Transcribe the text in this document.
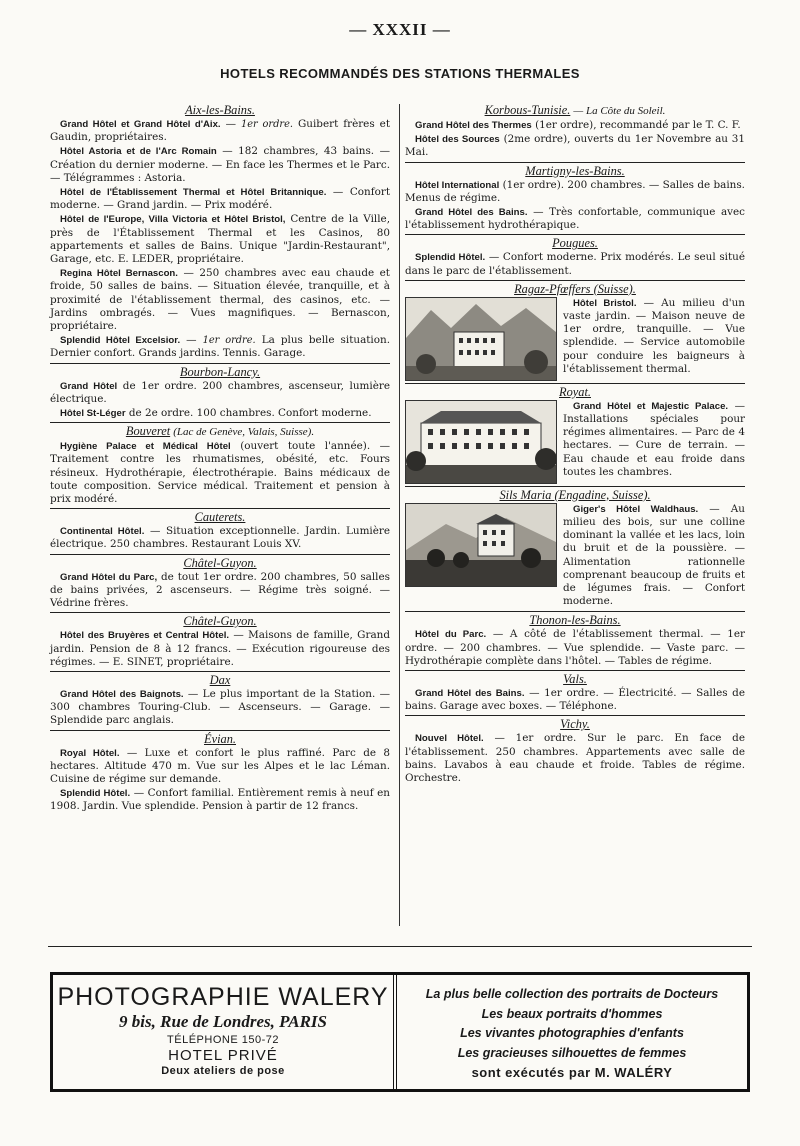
— XXXII —
HOTELS RECOMMANDÉS DES STATIONS THERMALES
Aix-les-Bains.

Grand Hôtel et Grand Hôtel d'Aix. — 1er ordre. Guibert frères et Gaudin, propriétaires.

Hôtel Astoria et de l'Arc Romain — 182 chambres, 43 bains. — Création du dernier moderne. — En face les Thermes et le Parc. — Télégrammes : Astoria.

Hôtel de l'Établissement Thermal et Hôtel Britannique. — Confort moderne. — Grand jardin. — Prix modéré.

Hôtel de l'Europe, Villa Victoria et Hôtel Bristol, Centre de la Ville, près de l'Établissement Thermal et les Casinos, 80 appartements et salles de Bains. Unique "Jardin-Restaurant", Garage, etc. E. LEDER, propriétaire.

Regina Hôtel Bernascon. — 250 chambres avec eau chaude et froide, 50 salles de bains. — Situation élevée, tranquille, et à proximité de l'établissement thermal, des casinos, etc. — Jardins ombragés. — Vues magnifiques. — Bernascon, propriétaire.

Splendid Hôtel Excelsior. — 1er ordre. La plus belle situation. Dernier confort. Grands jardins. Tennis. Garage.

Bourbon-Lancy.

Grand Hôtel de 1er ordre. 200 chambres, ascenseur, lumière électrique.

Hôtel St-Léger de 2e ordre. 100 chambres. Confort moderne.

Bouveret (Lac de Genève, Valais, Suisse).

Hygiène Palace et Médical Hôtel (ouvert toute l'année). — Traitement contre les rhumatismes, obésité, etc. Fours résineux. Hydrothérapie, électrothérapie. Bains médicaux de toute composition. Service médical. Traitement et pension à prix modéré.

Cauterets.

Continental Hôtel. — Situation exceptionnelle. Jardin. Lumière électrique. 250 chambres. Restaurant Louis XV.

Châtel-Guyon.

Grand Hôtel du Parc, de tout 1er ordre. 200 chambres, 50 salles de bains privées, 2 ascenseurs. — Régime très soigné. — Védrine frères.

Châtel-Guyon.

Hôtel des Bruyères et Central Hôtel. — Maisons de famille, Grand jardin. Pension de 8 à 12 francs. — Exécution rigoureuse des régimes. — E. SINET, propriétaire.

Dax

Grand Hôtel des Baignots. — Le plus important de la Station. — 300 chambres Touring-Club. — Ascenseurs. — Garage. — Splendide parc anglais.

Évian.

Royal Hôtel. — Luxe et confort le plus raffiné. Parc de 8 hectares. Altitude 470 m. Vue sur les Alpes et le lac Léman. Cuisine de régime sur demande.

Splendid Hôtel. — Confort familial. Entièrement remis à neuf en 1908. Jardin. Vue splendide. Pension à partir de 12 francs.

Korbous-Tunisie. — La Côte du Soleil.

Grand Hôtel des Thermes (1er ordre), recommandé par le T. C. F.

Hôtel des Sources (2me ordre), ouverts du 1er Novembre au 31 Mai.

Martigny-les-Bains.

Hôtel International (1er ordre). 200 chambres. — Salles de bains. Menus de régime.

Grand Hôtel des Bains. — Très confortable, communique avec l'établissement hydrothérapique.

Pougues.

Splendid Hôtel. — Confort moderne. Prix modérés. Le seul situé dans le parc de l'établissement.

Ragaz-Pfœffers (Suisse).

Hôtel Bristol. — Au milieu d'un vaste jardin. — Maison neuve de 1er ordre, tranquille. — Vue splendide. — Service automobile pour conduire les baigneurs à l'établissement thermal.

Royat.

Grand Hôtel et Majestic Palace. — Installations spéciales pour régimes alimentaires. — Parc de 4 hectares. — Cure de terrain. — Eau chaude et eau froide dans toutes les chambres.

Sils Maria (Engadine, Suisse).

Giger's Hôtel Waldhaus. — Au milieu des bois, sur une colline dominant la vallée et les lacs, loin du bruit et de la poussière. — Alimentation rationnelle comprenant beaucoup de fruits et de légumes frais. — Confort moderne.

Thonon-les-Bains.

Hôtel du Parc. — A côté de l'établissement thermal. — 1er ordre. — 200 chambres. — Vue splendide. — Vaste parc. — Hydrothérapie complète dans l'hôtel. — Tables de régime.

Vals.

Grand Hôtel des Bains. — 1er ordre. — Électricité. — Salles de bains. Garage avec boxes. — Téléphone.

Vichy.

Nouvel Hôtel. — 1er ordre. Sur le parc. En face de l'établissement. 250 chambres. Appartements avec salle de bains. Lavabos à eau chaude et froide. Tables de régime. Orchestre.

PHOTOGRAPHIE WALERY
9 bis, Rue de Londres, PARIS
TÉLÉPHONE 150-72
HOTEL PRIVÉ
Deux ateliers de pose
La plus belle collection des portraits de Docteurs
Les beaux portraits d'hommes
Les vivantes photographies d'enfants
Les gracieuses silhouettes de femmes
sont exécutés par M. WALÉRY
